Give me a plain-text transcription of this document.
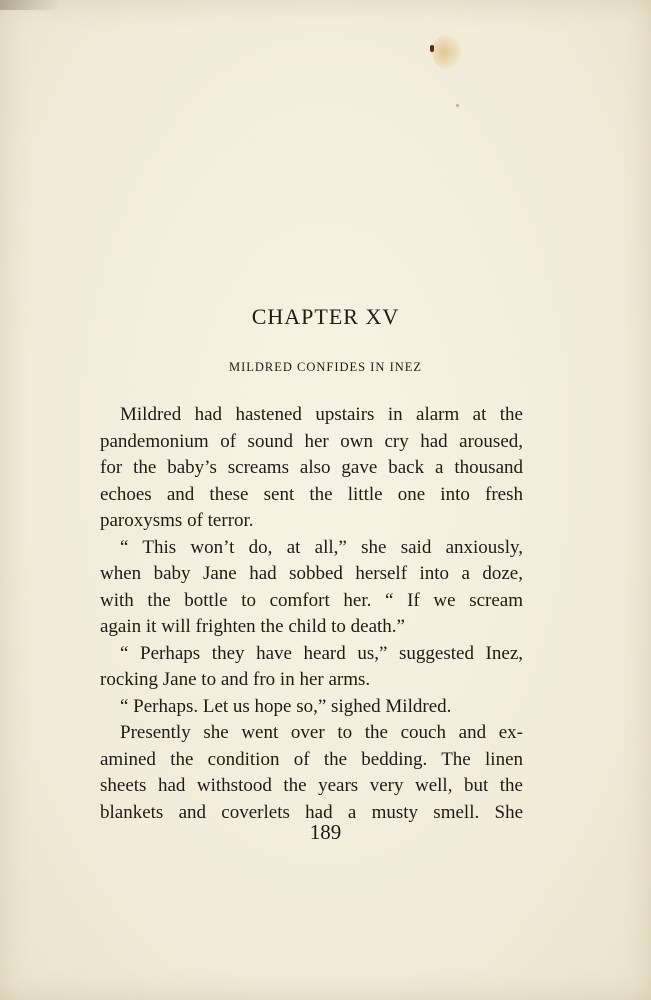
CHAPTER XV
MILDRED CONFIDES IN INEZ
Mildred had hastened upstairs in alarm at the
pandemonium of sound her own cry had aroused,
for the baby’s screams also gave back a thousand
echoes and these sent the little one into fresh
paroxysms of terror.
“ This won’t do, at all,” she said anxiously,
when baby Jane had sobbed herself into a doze,
with the bottle to comfort her. “ If we scream
again it will frighten the child to death.”
“ Perhaps they have heard us,” suggested Inez,
rocking Jane to and fro in her arms.
“ Perhaps. Let us hope so,” sighed Mildred.
Presently she went over to the couch and ex-
amined the condition of the bedding. The linen
sheets had withstood the years very well, but the
blankets and coverlets had a musty smell. She
189
